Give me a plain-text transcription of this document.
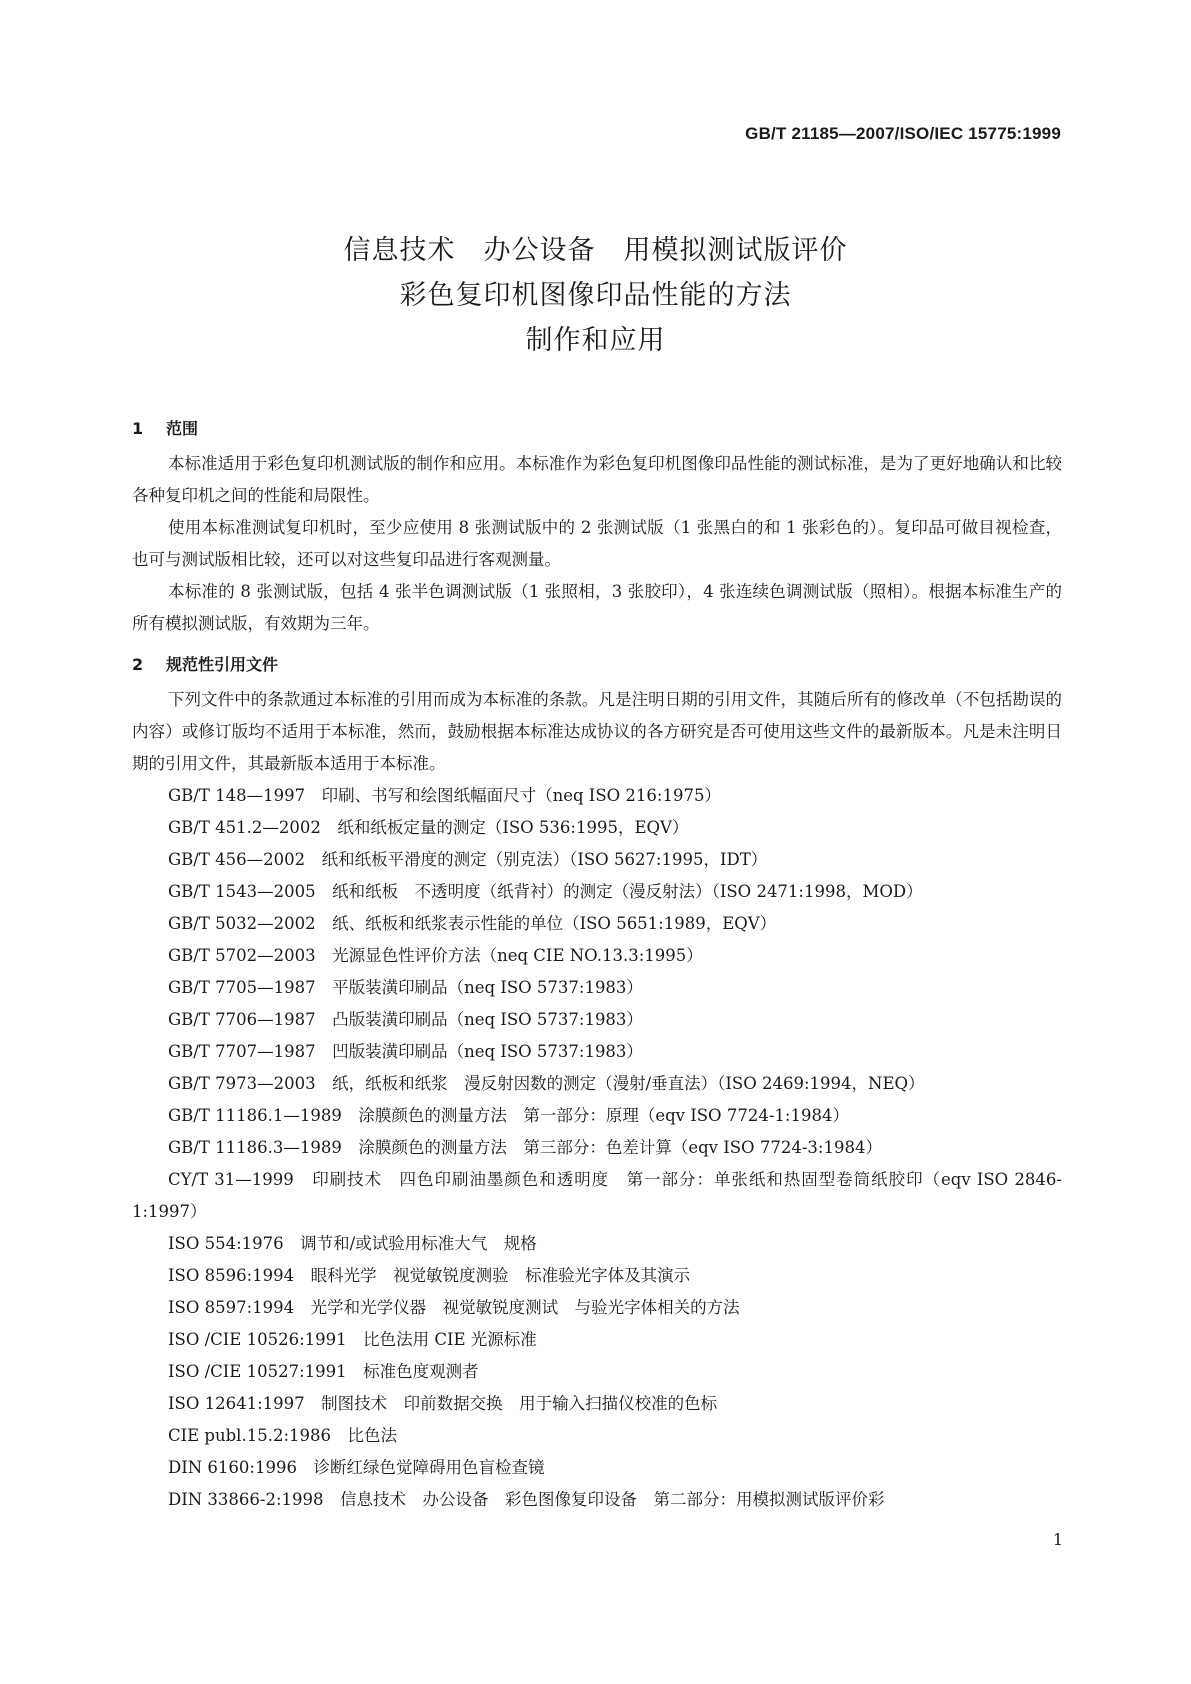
GB/T 21185—2007/ISO/IEC 15775:1999
信息技术　办公设备　用模拟测试版评价
彩色复印机图像印品性能的方法
制作和应用
1 范围

本标准适用于彩色复印机测试版的制作和应用。本标准作为彩色复印机图像印品性能的测试标准，是为了更好地确认和比较各种复印机之间的性能和局限性。

使用本标准测试复印机时，至少应使用 8 张测试版中的 2 张测试版（1 张黑白的和 1 张彩色的）。复印品可做目视检查，也可与测试版相比较，还可以对这些复印品进行客观测量。

本标准的 8 张测试版，包括 4 张半色调测试版（1 张照相，3 张胶印），4 张连续色调测试版（照相）。根据本标准生产的所有模拟测试版，有效期为三年。

2 规范性引用文件

下列文件中的条款通过本标准的引用而成为本标准的条款。凡是注明日期的引用文件，其随后所有的修改单（不包括勘误的内容）或修订版均不适用于本标准，然而，鼓励根据本标准达成协议的各方研究是否可使用这些文件的最新版本。凡是未注明日期的引用文件，其最新版本适用于本标准。

GB/T 148—1997　印刷、书写和绘图纸幅面尺寸（neq ISO 216:1975）

GB/T 451.2—2002　纸和纸板定量的测定（ISO 536:1995，EQV）

GB/T 456—2002　纸和纸板平滑度的测定（别克法）（ISO 5627:1995，IDT）

GB/T 1543—2005　纸和纸板　不透明度（纸背衬）的测定（漫反射法）（ISO 2471:1998，MOD）

GB/T 5032—2002　纸、纸板和纸浆表示性能的单位（ISO 5651:1989，EQV）

GB/T 5702—2003　光源显色性评价方法（neq CIE NO.13.3:1995）

GB/T 7705—1987　平版装潢印刷品（neq ISO 5737:1983）

GB/T 7706—1987　凸版装潢印刷品（neq ISO 5737:1983）

GB/T 7707—1987　凹版装潢印刷品（neq ISO 5737:1983）

GB/T 7973—2003　纸，纸板和纸浆　漫反射因数的测定（漫射/垂直法）（ISO 2469:1994，NEQ）

GB/T 11186.1—1989　涂膜颜色的测量方法　第一部分：原理（eqv ISO 7724-1:1984）

GB/T 11186.3—1989　涂膜颜色的测量方法　第三部分：色差计算（eqv ISO 7724-3:1984）

CY/T 31—1999　印刷技术　四色印刷油墨颜色和透明度　第一部分：单张纸和热固型卷筒纸胶印（eqv ISO 2846-1:1997）

ISO 554:1976　调节和/或试验用标准大气　规格

ISO 8596:1994　眼科光学　视觉敏锐度测验　标准验光字体及其演示

ISO 8597:1994　光学和光学仪器　视觉敏锐度测试　与验光字体相关的方法

ISO /CIE 10526:1991　比色法用 CIE 光源标准

ISO /CIE 10527:1991　标准色度观测者

ISO 12641:1997　制图技术　印前数据交换　用于输入扫描仪校准的色标

CIE publ.15.2:1986　比色法

DIN 6160:1996　诊断红绿色觉障碍用色盲检查镜

DIN 33866-2:1998　信息技术　办公设备　彩色图像复印设备　第二部分：用模拟测试版评价彩

1
